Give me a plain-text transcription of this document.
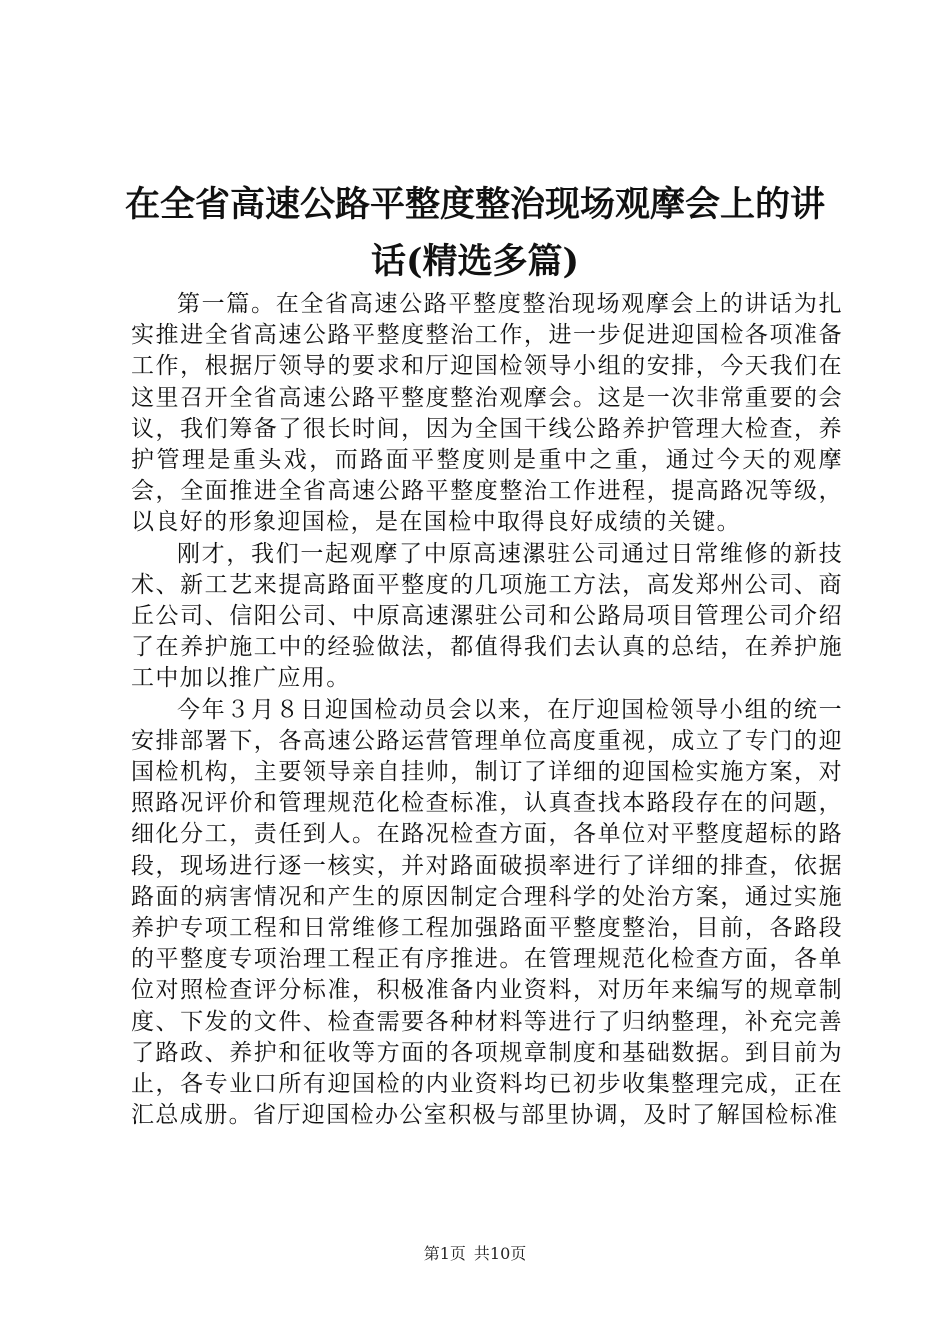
在全省高速公路平整度整治现场观摩会上的讲话(精选多篇)

第一篇。在全省高速公路平整度整治现场观摩会上的讲话为扎实推进全省高速公路平整度整治工作，进一步促进迎国检各项准备工作，根据厅领导的要求和厅迎国检领导小组的安排，今天我们在这里召开全省高速公路平整度整治观摩会。这是一次非常重要的会议，我们筹备了很长时间，因为全国干线公路养护管理大检查，养护管理是重头戏，而路面平整度则是重中之重，通过今天的观摩会，全面推进全省高速公路平整度整治工作进程，提高路况等级，以良好的形象迎国检，是在国检中取得良好成绩的关键。

刚才，我们一起观摩了中原高速漯驻公司通过日常维修的新技术、新工艺来提高路面平整度的几项施工方法，高发郑州公司、商丘公司、信阳公司、中原高速漯驻公司和公路局项目管理公司介绍了在养护施工中的经验做法，都值得我们去认真的总结，在养护施工中加以推广应用。

今年３月８日迎国检动员会以来，在厅迎国检领导小组的统一安排部署下，各高速公路运营管理单位高度重视，成立了专门的迎国检机构，主要领导亲自挂帅，制订了详细的迎国检实施方案，对照路况评价和管理规范化检查标准，认真查找本路段存在的问题，细化分工，责任到人。在路况检查方面，各单位对平整度超标的路段，现场进行逐一核实，并对路面破损率进行了详细的排查，依据路面的病害情况和产生的原因制定合理科学的处治方案，通过实施养护专项工程和日常维修工程加强路面平整度整治，目前，各路段的平整度专项治理工程正有序推进。在管理规范化检查方面，各单位对照检查评分标准，积极准备内业资料，对历年来编写的规章制度、下发的文件、检查需要各种材料等进行了归纳整理，补充完善了路政、养护和征收等方面的各项规章制度和基础数据。到目前为止，各专业口所有迎国检的内业资料均已初步收集整理完成，正在汇总成册。省厅迎国检办公室积极与部里协调，及时了解国检标准

第1页 共10页
